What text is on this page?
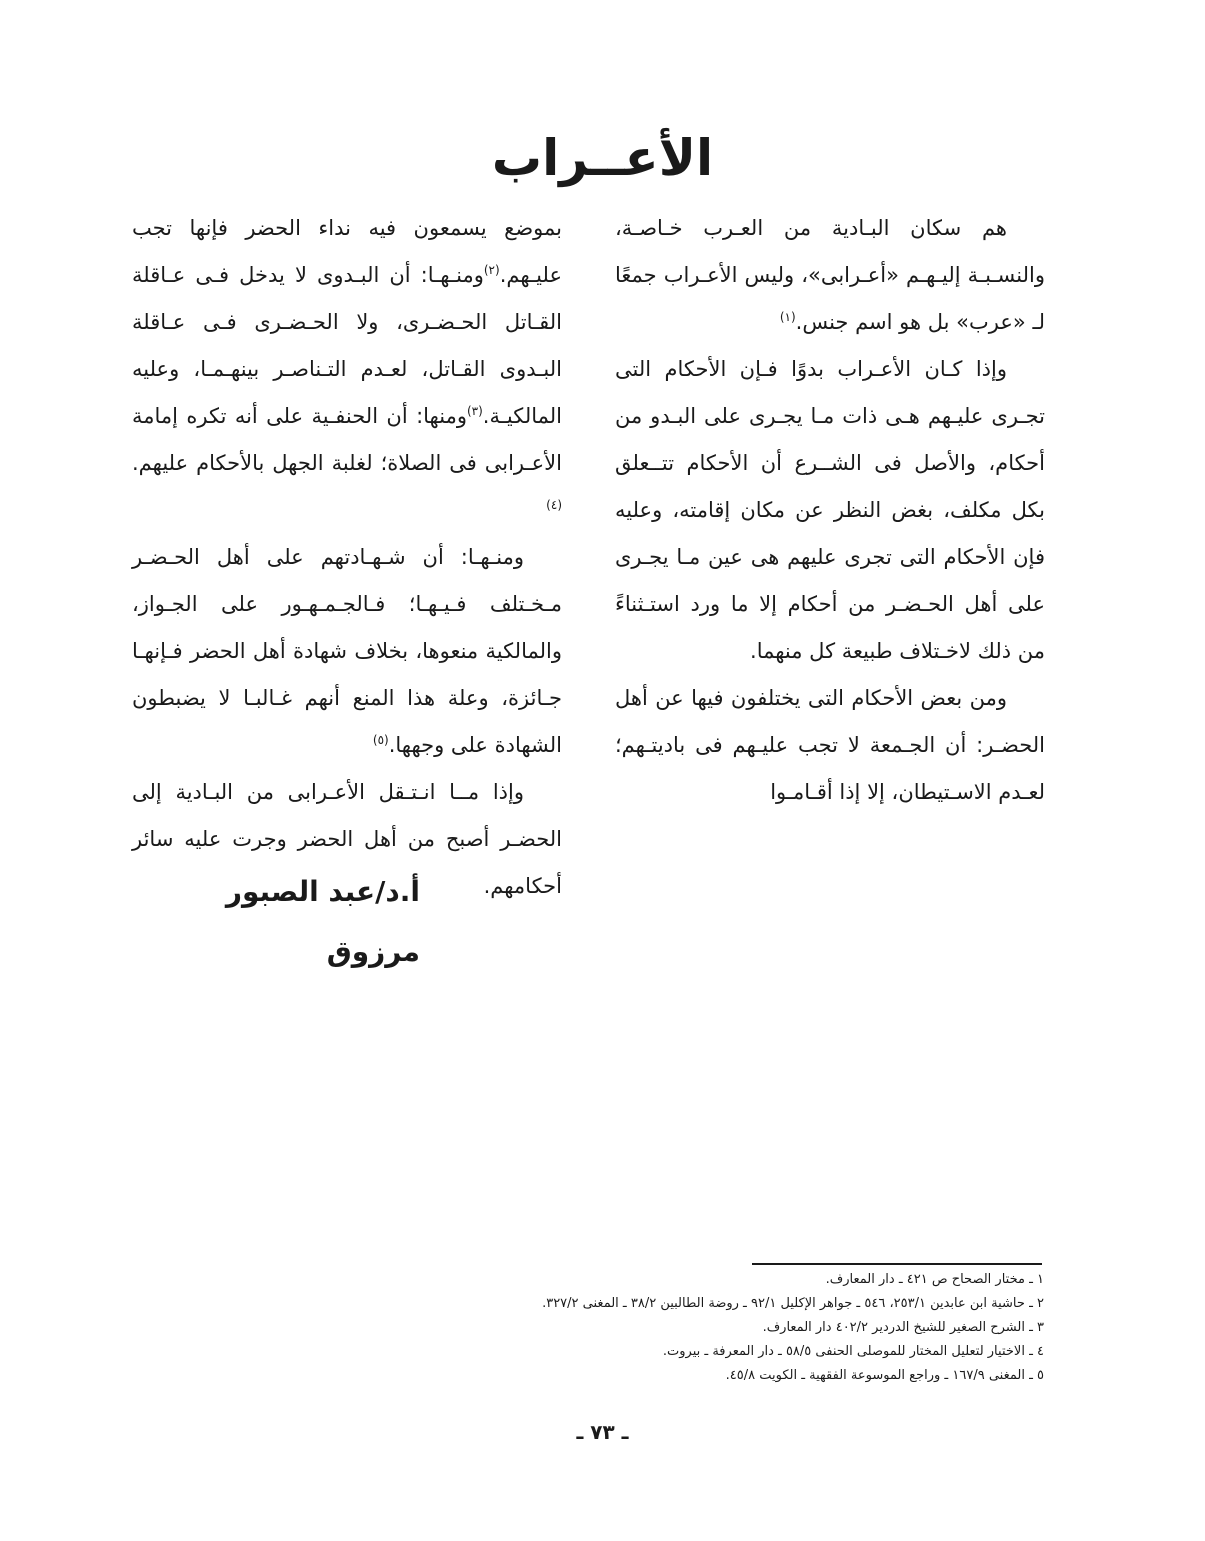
الأعــراب

هم سكان البـادية من العـرب خـاصـة، والنسـبـة إليـهـم «أعـرابى»، وليس الأعـراب جمعًا لـ «عرب» بل هو اسم جنس.$^{(١)}$

وإذا كـان الأعـراب بدوًا فـإن الأحكام التى تجـرى عليـهم هـى ذات مـا يجـرى على البـدو من أحكام، والأصل فى الشــرع أن الأحكام تتــعلق بكل مكلف، بغض النظر عن مكان إقامته، وعليه فإن الأحكام التى تجرى عليهم هى عين مـا يجـرى على أهل الحـضـر من أحكام إلا ما ورد استـثناءً من ذلك لاخـتلاف طبيعة كل منهما.

ومن بعض الأحكام التى يختلفون فيها عن أهل الحضـر: أن الجـمعة لا تجب عليـهم فى باديتـهم؛ لعـدم الاسـتيطان، إلا إذا أقـامـوا

بموضع يسمعون فيه نداء الحضر فإنها تجب عليـهم.$^{(٢)}$ومنـهـا: أن البـدوى لا يدخل فـى عـاقلة القـاتل الحـضـرى، ولا الحـضـرى فـى عـاقلة البـدوى القـاتل، لعـدم التـناصـر بينهـمـا، وعليه المالكيـة.$^{(٣)}$ومنها: أن الحنفـية على أنه تكره إمامة الأعـرابى فى الصلاة؛ لغلبة الجهل بالأحكام عليهم.$^{(٤)}$

ومنـهـا: أن شـهـادتهم على أهل الحـضـر مـخـتلف فـيـهـا؛ فـالجـمـهـور على الجـواز، والمالكية منعوها، بخلاف شهادة أهل الحضر فـإنهـا جـائزة، وعلة هذا المنع أنهم غـالبـا لا يضبطون الشهادة على وجهها.$^{(٥)}$

وإذا مــا انـتـقل الأعـرابى من البـادية إلى الحضـر أصبح من أهل الحضر وجرت عليه سائر أحكامهم.

أ.د/عبد الصبور مرزوق

١ ـ مختار الصحاح ص ٤٢١ ـ دار المعارف.
٢ ـ حاشية ابن عابدين ٢٥٣/١، ٥٤٦ ـ جواهر الإكليل ٩٢/١ ـ روضة الطالبين ٣٨/٢ ـ المغنى ٣٢٧/٢.
٣ ـ الشرح الصغير للشيخ الدردير ٤٠٢/٢ دار المعارف.
٤ ـ الاختيار لتعليل المختار للموصلى الحنفى ٥٨/٥ ـ دار المعرفة ـ بيروت.
٥ ـ المغنى ١٦٧/٩ ـ وراجع الموسوعة الفقهية ـ الكويت ٤٥/٨.

ـ ٧٣ ـ
